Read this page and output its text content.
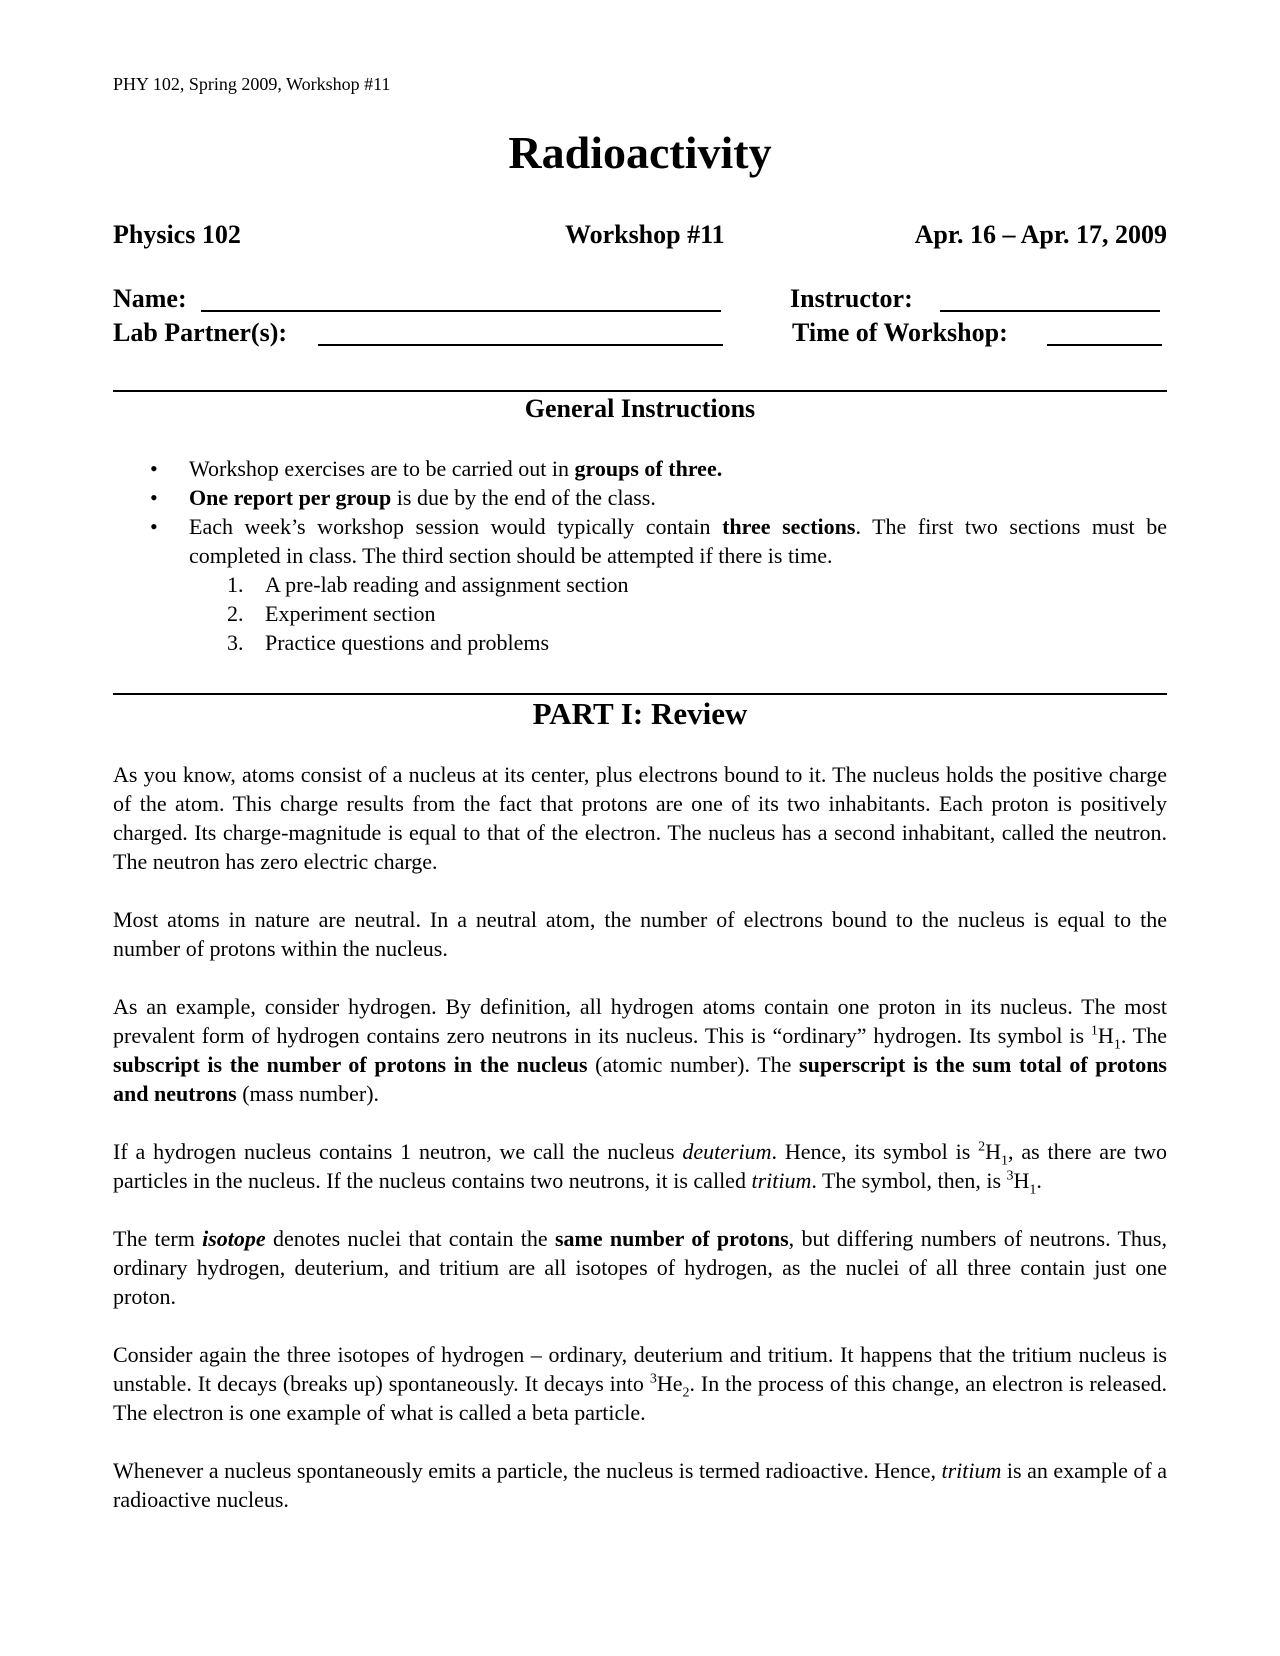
PHY 102, Spring 2009, Workshop #11
Radioactivity
Physics 102	Workshop #11	Apr. 16 – Apr. 17, 2009
Name:	Instructor:
Lab Partner(s):	Time of Workshop:
General Instructions
• Workshop exercises are to be carried out in groups of three.
• One report per group is due by the end of the class.
• Each week’s workshop session would typically contain three sections. The first two sections must be completed in class. The third section should be attempted if there is time.
1. A pre-lab reading and assignment section
2. Experiment section
3. Practice questions and problems
PART I: Review

As you know, atoms consist of a nucleus at its center, plus electrons bound to it. The nucleus holds the positive charge of the atom. This charge results from the fact that protons are one of its two inhabitants. Each proton is positively charged. Its charge-magnitude is equal to that of the electron. The nucleus has a second inhabitant, called the neutron. The neutron has zero electric charge.

Most atoms in nature are neutral. In a neutral atom, the number of electrons bound to the nucleus is equal to the number of protons within the nucleus.

As an example, consider hydrogen. By definition, all hydrogen atoms contain one proton in its nucleus. The most prevalent form of hydrogen contains zero neutrons in its nucleus. This is “ordinary” hydrogen. Its symbol is $^1H_1$. The subscript is the number of protons in the nucleus (atomic number). The superscript is the sum total of protons and neutrons (mass number).

If a hydrogen nucleus contains 1 neutron, we call the nucleus deuterium. Hence, its symbol is $^2H_1$, as there are two particles in the nucleus. If the nucleus contains two neutrons, it is called tritium. The symbol, then, is $^3H_1$.

The term isotope denotes nuclei that contain the same number of protons, but differing numbers of neutrons. Thus, ordinary hydrogen, deuterium, and tritium are all isotopes of hydrogen, as the nuclei of all three contain just one proton.

Consider again the three isotopes of hydrogen – ordinary, deuterium and tritium. It happens that the tritium nucleus is unstable. It decays (breaks up) spontaneously. It decays into $^3He_2$. In the process of this change, an electron is released. The electron is one example of what is called a beta particle.

Whenever a nucleus spontaneously emits a particle, the nucleus is termed radioactive. Hence, tritium is an example of a radioactive nucleus.
